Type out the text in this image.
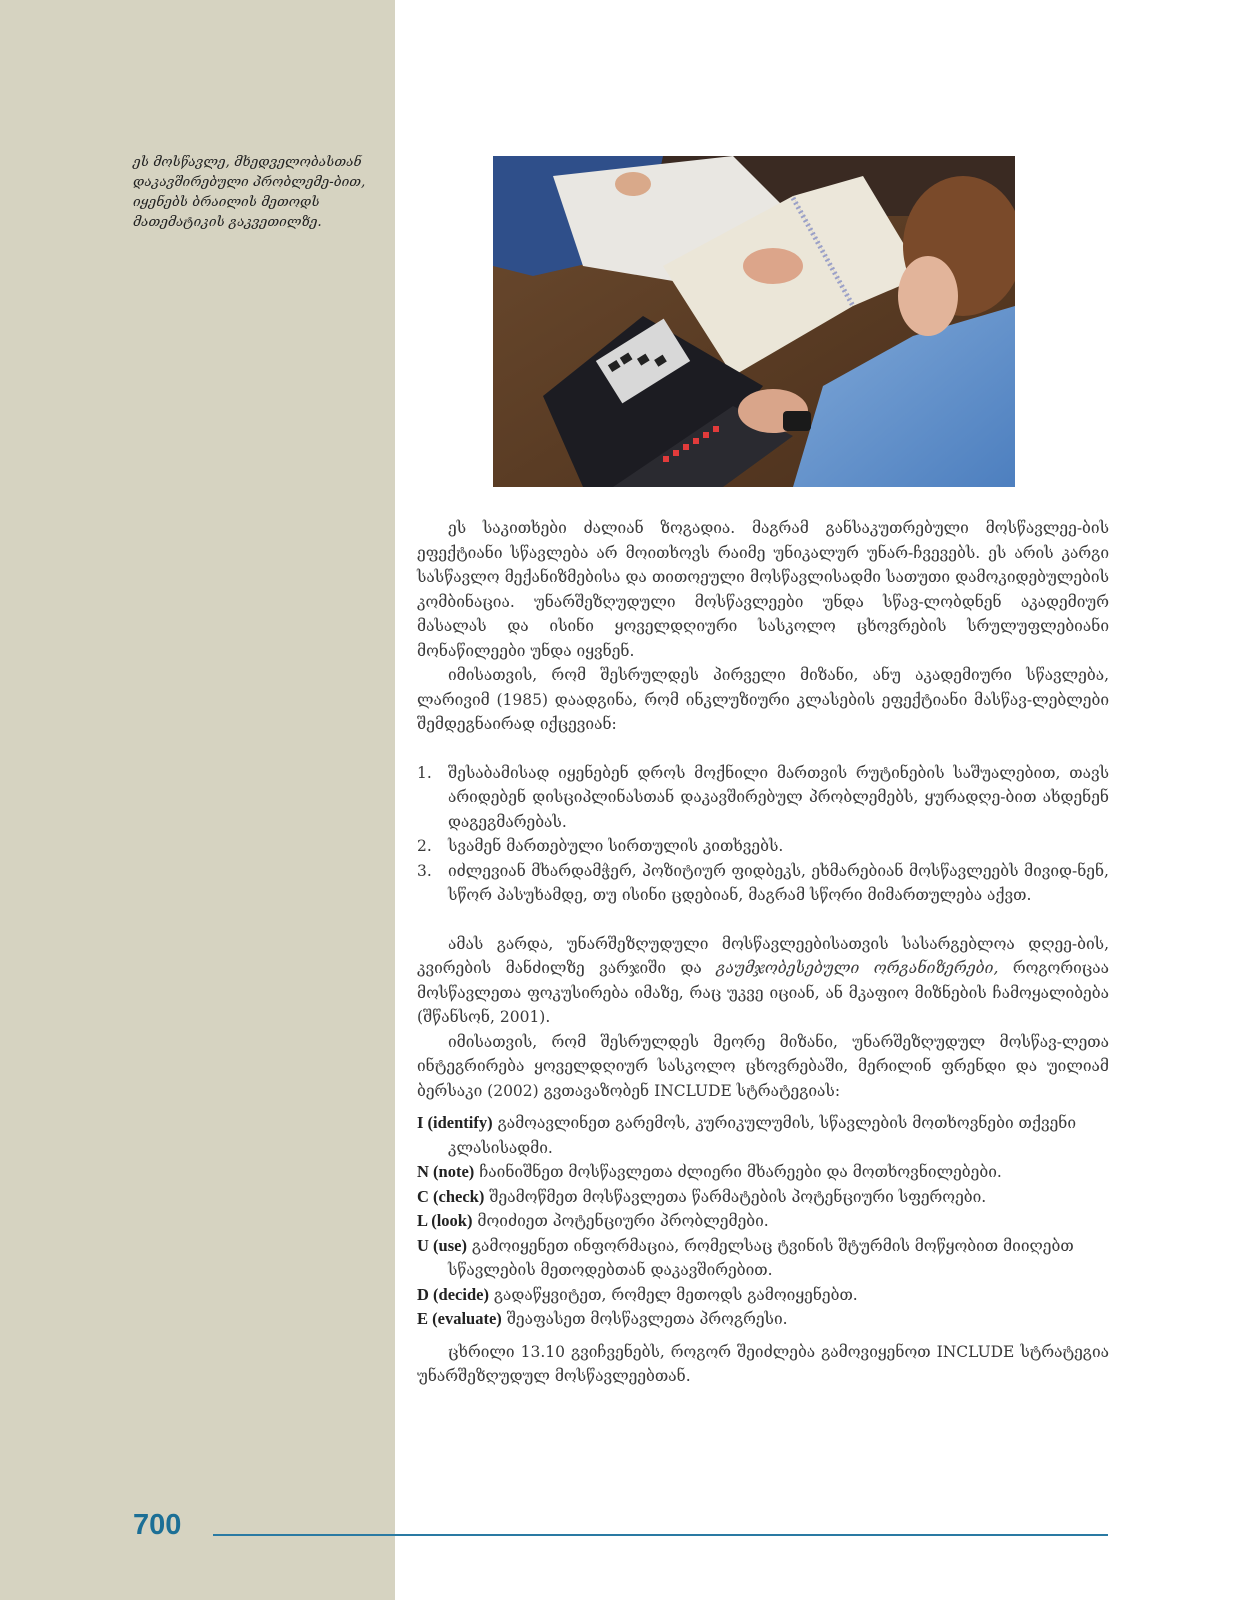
ეს მოსწავლე, მხედველობასთან დაკავშირებული პრობლემე-ბით, იყენებს ბრაილის მეთოდს მათემატიკის გაკვეთილზე.

ეს საკითხები ძალიან ზოგადია. მაგრამ განსაკუთრებული მოსწავლეე-ბის ეფექტიანი სწავლება არ მოითხოვს რაიმე უნიკალურ უნარ-ჩვევებს. ეს არის კარგი სასწავლო მექანიზმებისა და თითოეული მოსწავლისადმი სათუთი დამოკიდებულების კომბინაცია. უნარშეზღუდული მოსწავლეები უნდა სწავ-ლობდნენ აკადემიურ მასალას და ისინი ყოველდღიური სასკოლო ცხოვრების სრულუფლებიანი მონაწილეები უნდა იყვნენ.

იმისათვის, რომ შესრულდეს პირველი მიზანი, ანუ აკადემიური სწავლება, ლარივიმ (1985) დაადგინა, რომ ინკლუზიური კლასების ეფექტიანი მასწავ-ლებლები შემდეგნაირად იქცევიან:

1. შესაბამისად იყენებენ დროს მოქნილი მართვის რუტინების საშუალებით, თავს არიდებენ დისციპლინასთან დაკავშირებულ პრობლემებს, ყურადღე-ბით ახდენენ დაგეგმარებას.
2. სვამენ მართებული სირთულის კითხვებს.
3. იძლევიან მხარდამჭერ, პოზიტიურ ფიდბეკს, ეხმარებიან მოსწავლეებს მივიდ-ნენ, სწორ პასუხამდე, თუ ისინი ცდებიან, მაგრამ სწორი მიმართულება აქვთ.

ამას გარდა, უნარშეზღუდული მოსწავლეებისათვის სასარგებლოა დღეე-ბის, კვირების მანძილზე ვარჯიში და გაუმჯობესებული ორგანიზერები, როგორიცაა მოსწავლეთა ფოკუსირება იმაზე, რაც უკვე იციან, ან მკაფიო მიზნების ჩამოყალიბება (შწანსონ, 2001).

იმისათვის, რომ შესრულდეს მეორე მიზანი, უნარშეზღუდულ მოსწავ-ლეთა ინტეგრირება ყოველდღიურ სასკოლო ცხოვრებაში, მერილინ ფრენდი და უილიამ ბერსაკი (2002) გვთავაზობენ INCLUDE სტრატეგიას:

I (identify) გამოავლინეთ გარემოს, კურიკულუმის, სწავლების მოთხოვნები თქვენი კლასისადმი.
N (note) ჩაინიშნეთ მოსწავლეთა ძლიერი მხარეები და მოთხოვნილებები.
C (check) შეამოწმეთ მოსწავლეთა წარმატების პოტენციური სფეროები.
L (look) მოიძიეთ პოტენციური პრობლემები.
U (use) გამოიყენეთ ინფორმაცია, რომელსაც ტვინის შტურმის მოწყობით მიიღებთ სწავლების მეთოდებთან დაკავშირებით.
D (decide) გადაწყვიტეთ, რომელ მეთოდს გამოიყენებთ.
E (evaluate) შეაფასეთ მოსწავლეთა პროგრესი.

ცხრილი 13.10 გვიჩვენებს, როგორ შეიძლება გამოვიყენოთ INCLUDE სტრატეგია უნარშეზღუდულ მოსწავლეებთან.

700
